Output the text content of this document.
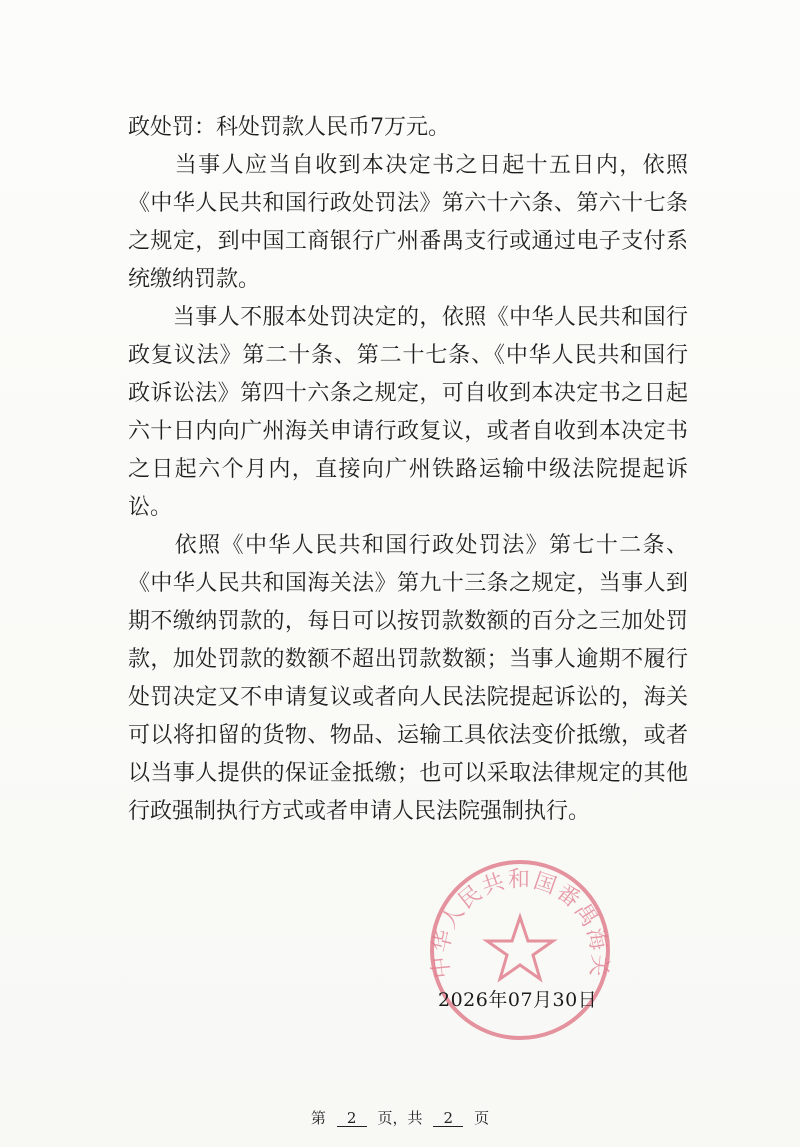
政处罚：科处罚款人民币7万元。

　　当事人应当自收到本决定书之日起十五日内，依照《中华人民共和国行政处罚法》第六十六条、第六十七条之规定，到中国工商银行广州番禺支行或通过电子支付系统缴纳罚款。

　　当事人不服本处罚决定的，依照《中华人民共和国行政复议法》第二十条、第二十七条、《中华人民共和国行政诉讼法》第四十六条之规定，可自收到本决定书之日起六十日内向广州海关申请行政复议，或者自收到本决定书之日起六个月内，直接向广州铁路运输中级法院提起诉讼。

　　依照《中华人民共和国行政处罚法》第七十二条、《中华人民共和国海关法》第九十三条之规定，当事人到期不缴纳罚款的，每日可以按罚款数额的百分之三加处罚款，加处罚款的数额不超出罚款数额；当事人逾期不履行处罚决定又不申请复议或者向人民法院提起诉讼的，海关可以将扣留的货物、物品、运输工具依法变价抵缴，或者以当事人提供的保证金抵缴；也可以采取法律规定的其他行政强制执行方式或者申请人民法院强制执行。

中华人民共和国番禺海关
2026年07月30日
第 2 页，共 2 页
